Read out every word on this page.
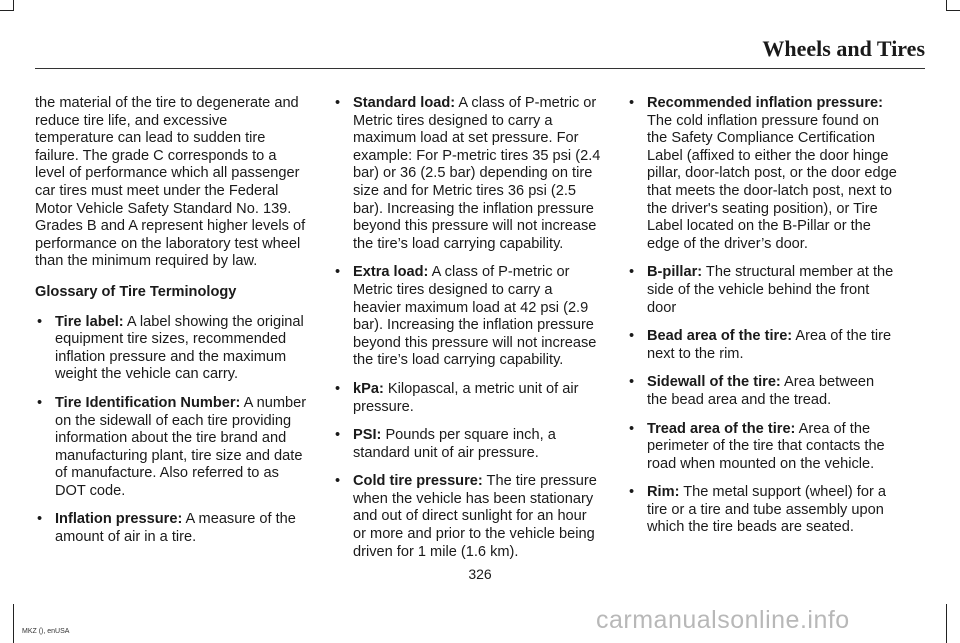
Wheels and Tires

the material of the tire to degenerate and reduce tire life, and excessive temperature can lead to sudden tire failure. The grade C corresponds to a level of performance which all passenger car tires must meet under the Federal Motor Vehicle Safety Standard No. 139. Grades B and A represent higher levels of performance on the laboratory test wheel than the minimum required by law.

Glossary of Tire Terminology
• Tire label: A label showing the original equipment tire sizes, recommended inflation pressure and the maximum weight the vehicle can carry.
• Tire Identification Number: A number on the sidewall of each tire providing information about the tire brand and manufacturing plant, tire size and date of manufacture. Also referred to as DOT code.
• Inflation pressure: A measure of the amount of air in a tire.
• Standard load: A class of P-metric or Metric tires designed to carry a maximum load at set pressure. For example: For P-metric tires 35 psi (2.4 bar) or 36 (2.5 bar) depending on tire size and for Metric tires 36 psi (2.5 bar). Increasing the inflation pressure beyond this pressure will not increase the tire’s load carrying capability.
• Extra load: A class of P-metric or Metric tires designed to carry a heavier maximum load at 42 psi (2.9 bar). Increasing the inflation pressure beyond this pressure will not increase the tire’s load carrying capability.
• kPa: Kilopascal, a metric unit of air pressure.
• PSI: Pounds per square inch, a standard unit of air pressure.
• Cold tire pressure: The tire pressure when the vehicle has been stationary and out of direct sunlight for an hour or more and prior to the vehicle being driven for 1 mile (1.6 km).
• Recommended inflation pressure: The cold inflation pressure found on the Safety Compliance Certification Label (affixed to either the door hinge pillar, door-latch post, or the door edge that meets the door-latch post, next to the driver's seating position), or Tire Label located on the B-Pillar or the edge of the driver’s door.
• B-pillar: The structural member at the side of the vehicle behind the front door
• Bead area of the tire: Area of the tire next to the rim.
• Sidewall of the tire: Area between the bead area and the tread.
• Tread area of the tire: Area of the perimeter of the tire that contacts the road when mounted on the vehicle.
• Rim: The metal support (wheel) for a tire or a tire and tube assembly upon which the tire beads are seated.
326
MKZ (), enUSA	carmanualsonline.info
